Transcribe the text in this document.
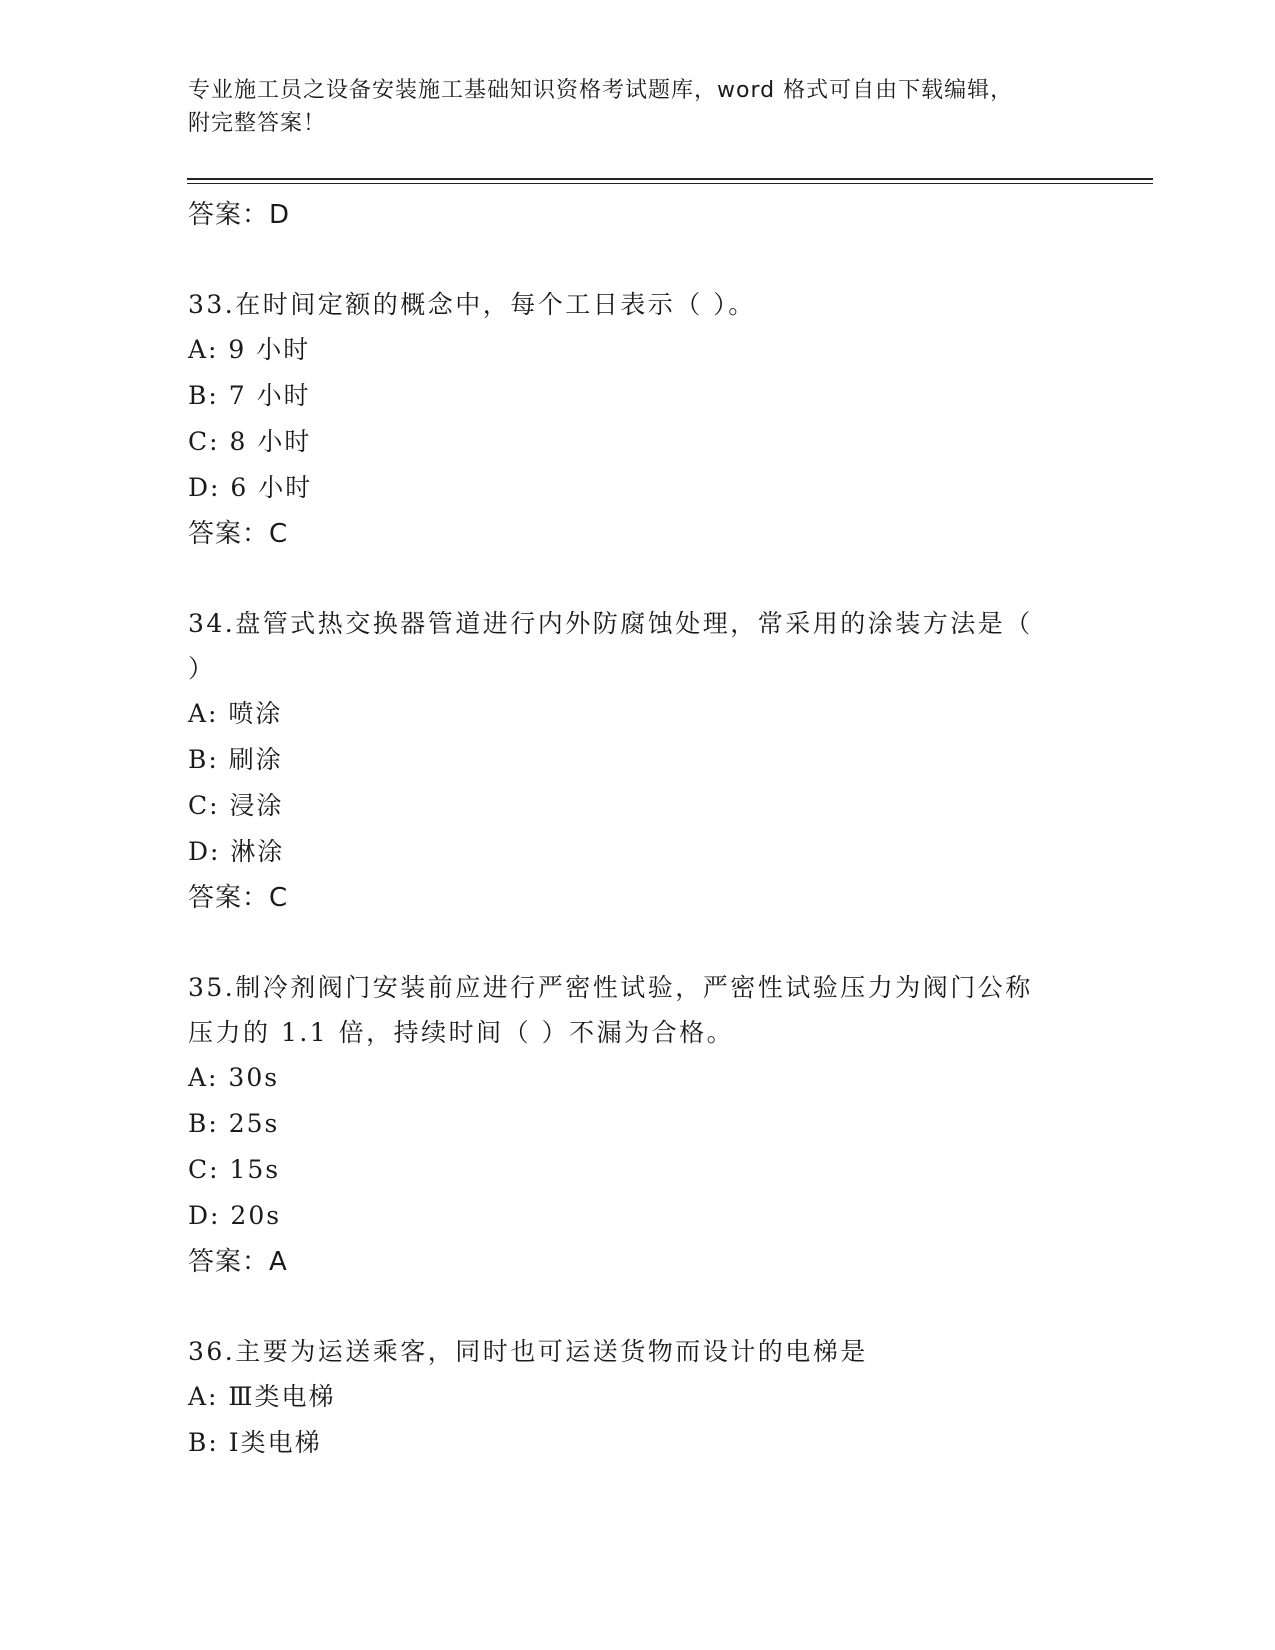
专业施工员之设备安装施工基础知识资格考试题库，word 格式可自由下载编辑，
附完整答案！
答案：D
33.在时间定额的概念中，每个工日表示（ ）。
A: 9 小时
B: 7 小时
C: 8 小时
D: 6 小时
答案：C
34.盘管式热交换器管道进行内外防腐蚀处理，常采用的涂装方法是（
）
A: 喷涂
B: 刷涂
C: 浸涂
D: 淋涂
答案：C
35.制冷剂阀门安装前应进行严密性试验，严密性试验压力为阀门公称
压力的 1.1 倍，持续时间（ ）不漏为合格。
A: 30s
B: 25s
C: 15s
D: 20s
答案：A
36.主要为运送乘客，同时也可运送货物而设计的电梯是
A: Ⅲ类电梯
B: Ⅰ类电梯
